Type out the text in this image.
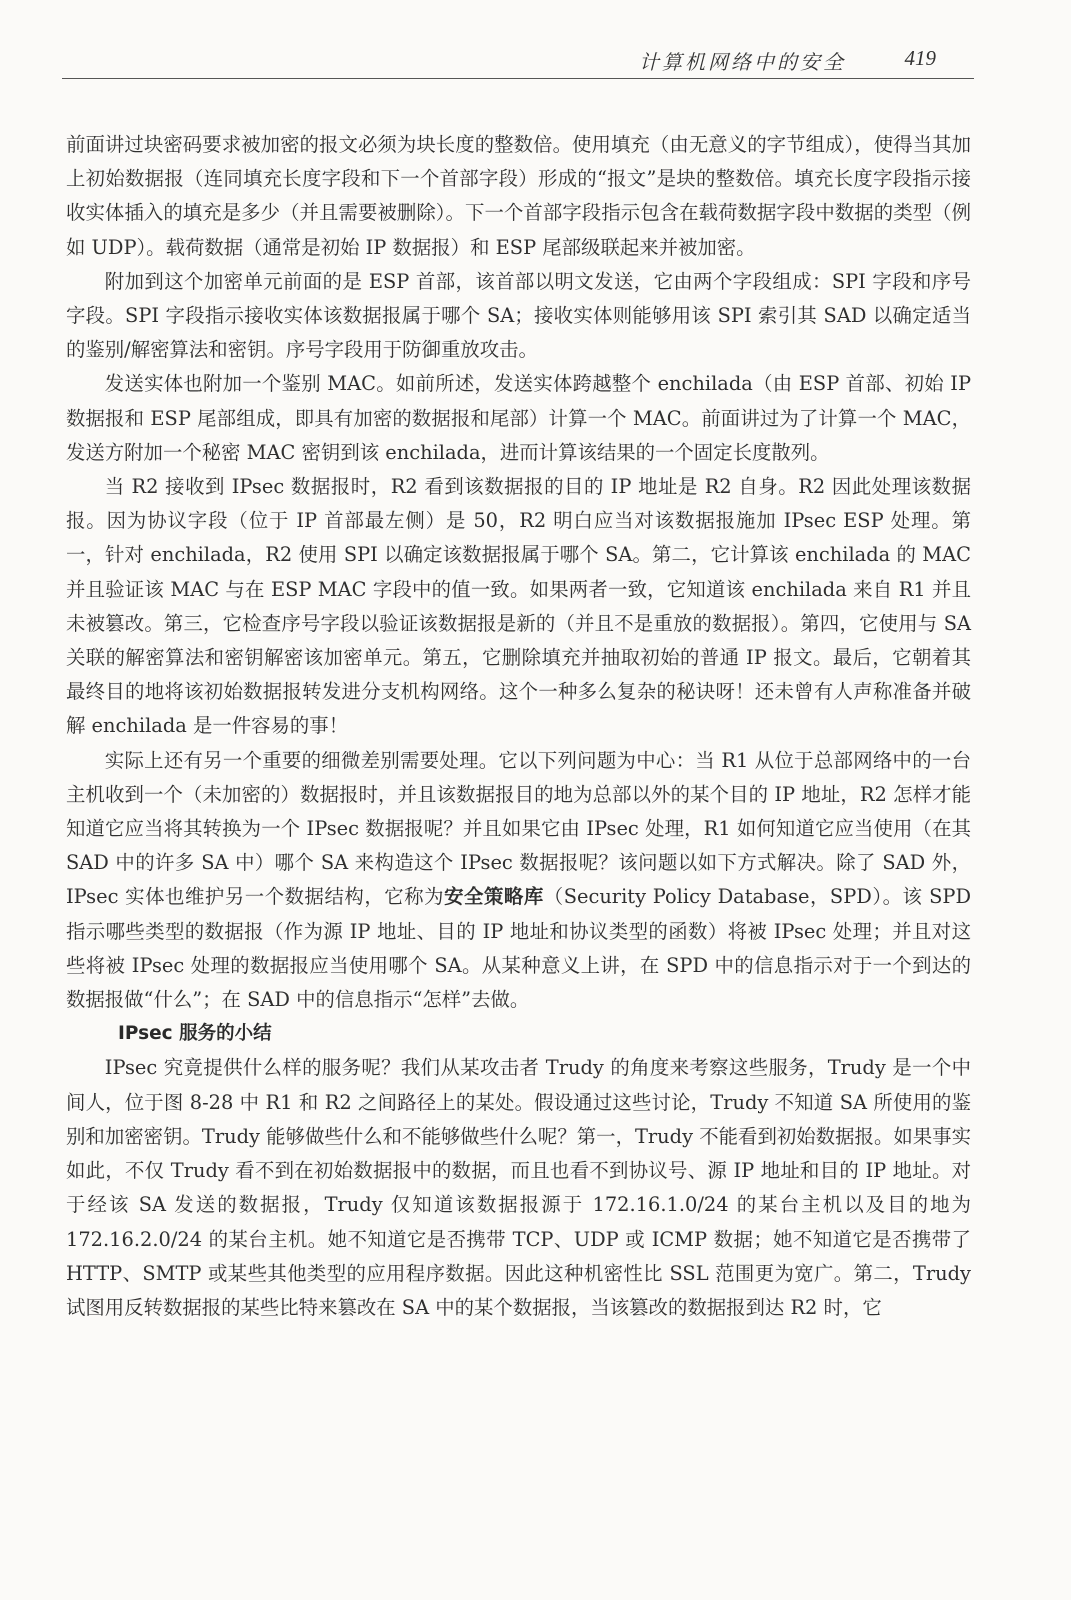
计算机网络中的安全	419

前面讲过块密码要求被加密的报文必须为块长度的整数倍。使用填充（由无意义的字节组成），使得当其加上初始数据报（连同填充长度字段和下一个首部字段）形成的“报文”是块的整数倍。填充长度字段指示接收实体插入的填充是多少（并且需要被删除）。下一个首部字段指示包含在载荷数据字段中数据的类型（例如 UDP）。载荷数据（通常是初始 IP 数据报）和 ESP 尾部级联起来并被加密。

附加到这个加密单元前面的是 ESP 首部，该首部以明文发送，它由两个字段组成：SPI 字段和序号字段。SPI 字段指示接收实体该数据报属于哪个 SA；接收实体则能够用该 SPI 索引其 SAD 以确定适当的鉴别/解密算法和密钥。序号字段用于防御重放攻击。

发送实体也附加一个鉴别 MAC。如前所述，发送实体跨越整个 enchilada（由 ESP 首部、初始 IP 数据报和 ESP 尾部组成，即具有加密的数据报和尾部）计算一个 MAC。前面讲过为了计算一个 MAC，发送方附加一个秘密 MAC 密钥到该 enchilada，进而计算该结果的一个固定长度散列。

当 R2 接收到 IPsec 数据报时，R2 看到该数据报的目的 IP 地址是 R2 自身。R2 因此处理该数据报。因为协议字段（位于 IP 首部最左侧）是 50，R2 明白应当对该数据报施加 IPsec ESP 处理。第一，针对 enchilada，R2 使用 SPI 以确定该数据报属于哪个 SA。第二，它计算该 enchilada 的 MAC 并且验证该 MAC 与在 ESP MAC 字段中的值一致。如果两者一致，它知道该 enchilada 来自 R1 并且未被篡改。第三，它检查序号字段以验证该数据报是新的（并且不是重放的数据报）。第四，它使用与 SA 关联的解密算法和密钥解密该加密单元。第五，它删除填充并抽取初始的普通 IP 报文。最后，它朝着其最终目的地将该初始数据报转发进分支机构网络。这个一种多么复杂的秘诀呀！还未曾有人声称准备并破解 enchilada 是一件容易的事！

实际上还有另一个重要的细微差别需要处理。它以下列问题为中心：当 R1 从位于总部网络中的一台主机收到一个（未加密的）数据报时，并且该数据报目的地为总部以外的某个目的 IP 地址，R2 怎样才能知道它应当将其转换为一个 IPsec 数据报呢？并且如果它由 IPsec 处理，R1 如何知道它应当使用（在其 SAD 中的许多 SA 中）哪个 SA 来构造这个 IPsec 数据报呢？该问题以如下方式解决。除了 SAD 外，IPsec 实体也维护另一个数据结构，它称为安全策略库（Security Policy Database，SPD）。该 SPD 指示哪些类型的数据报（作为源 IP 地址、目的 IP 地址和协议类型的函数）将被 IPsec 处理；并且对这些将被 IPsec 处理的数据报应当使用哪个 SA。从某种意义上讲，在 SPD 中的信息指示对于一个到达的数据报做“什么”；在 SAD 中的信息指示“怎样”去做。

IPsec 服务的小结

IPsec 究竟提供什么样的服务呢？我们从某攻击者 Trudy 的角度来考察这些服务，Trudy 是一个中间人，位于图 8-28 中 R1 和 R2 之间路径上的某处。假设通过这些讨论，Trudy 不知道 SA 所使用的鉴别和加密密钥。Trudy 能够做些什么和不能够做些什么呢？第一，Trudy 不能看到初始数据报。如果事实如此，不仅 Trudy 看不到在初始数据报中的数据，而且也看不到协议号、源 IP 地址和目的 IP 地址。对于经该 SA 发送的数据报，Trudy 仅知道该数据报源于 172.16.1.0/24 的某台主机以及目的地为 172.16.2.0/24 的某台主机。她不知道它是否携带 TCP、UDP 或 ICMP 数据；她不知道它是否携带了 HTTP、SMTP 或某些其他类型的应用程序数据。因此这种机密性比 SSL 范围更为宽广。第二，Trudy 试图用反转数据报的某些比特来篡改在 SA 中的某个数据报，当该篡改的数据报到达 R2 时，它
